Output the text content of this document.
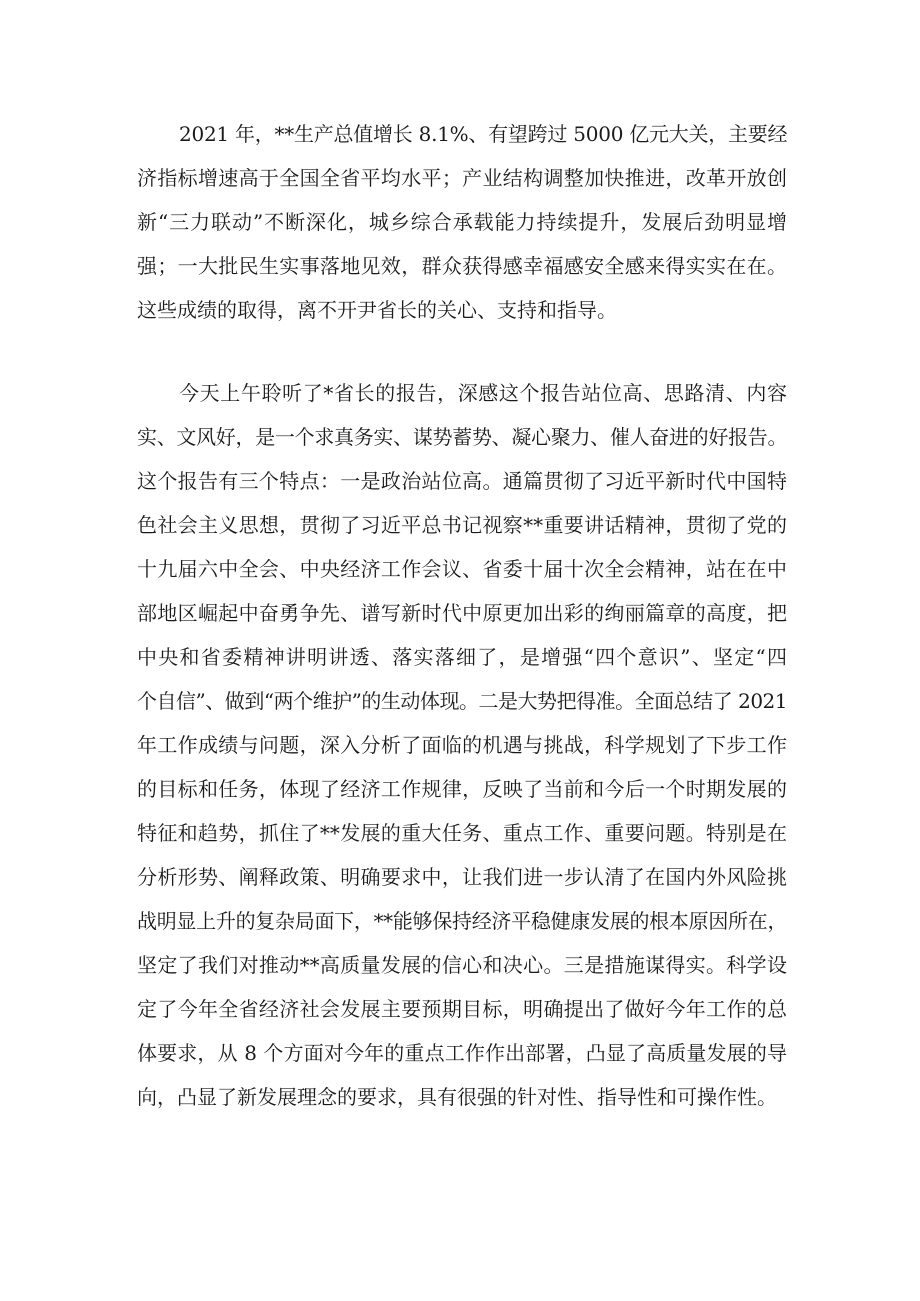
2021 年，**生产总值增长 8.1%、有望跨过 5000 亿元大关，主要经
济指标增速高于全国全省平均水平；产业结构调整加快推进，改革开放创
新“三力联动”不断深化，城乡综合承载能力持续提升，发展后劲明显增
强；一大批民生实事落地见效，群众获得感幸福感安全感来得实实在在。
这些成绩的取得，离不开尹省长的关心、支持和指导。
今天上午聆听了*省长的报告，深感这个报告站位高、思路清、内容
实、文风好，是一个求真务实、谋势蓄势、凝心聚力、催人奋进的好报告。
这个报告有三个特点：一是政治站位高。通篇贯彻了习近平新时代中国特
色社会主义思想，贯彻了习近平总书记视察**重要讲话精神，贯彻了党的
十九届六中全会、中央经济工作会议、省委十届十次全会精神，站在在中
部地区崛起中奋勇争先、谱写新时代中原更加出彩的绚丽篇章的高度，把
中央和省委精神讲明讲透、落实落细了，是增强“四个意识”、坚定“四
个自信”、做到“两个维护”的生动体现。二是大势把得准。全面总结了 2021
年工作成绩与问题，深入分析了面临的机遇与挑战，科学规划了下步工作
的目标和任务，体现了经济工作规律，反映了当前和今后一个时期发展的
特征和趋势，抓住了**发展的重大任务、重点工作、重要问题。特别是在
分析形势、阐释政策、明确要求中，让我们进一步认清了在国内外风险挑
战明显上升的复杂局面下，**能够保持经济平稳健康发展的根本原因所在，
坚定了我们对推动**高质量发展的信心和决心。三是措施谋得实。科学设
定了今年全省经济社会发展主要预期目标，明确提出了做好今年工作的总
体要求，从 8 个方面对今年的重点工作作出部署，凸显了高质量发展的导
向，凸显了新发展理念的要求，具有很强的针对性、指导性和可操作性。
